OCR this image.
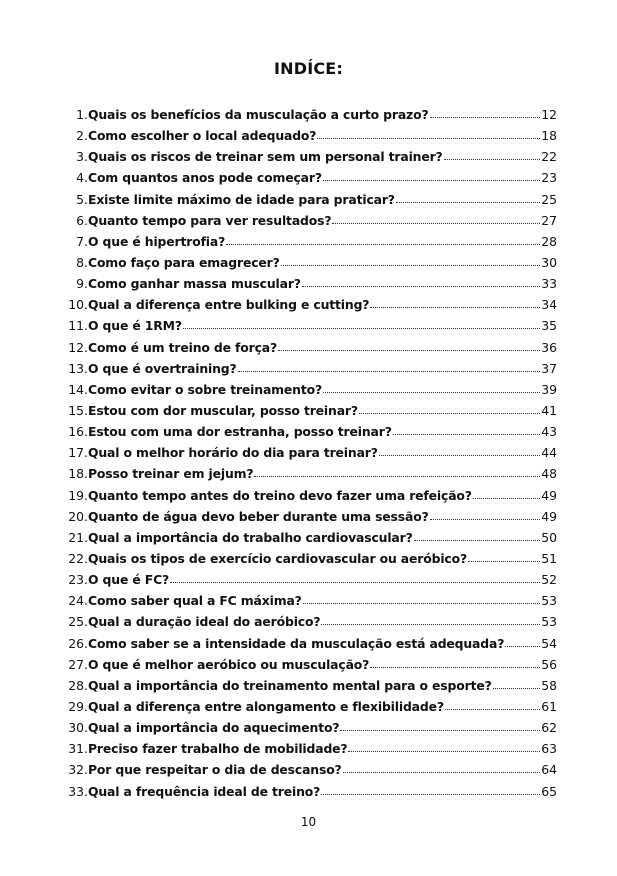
INDÍCE:
1. Quais os benefícios da musculação a curto prazo?	12
2. Como escolher o local adequado?	18
3. Quais os riscos de treinar sem um personal trainer?	22
4. Com quantos anos pode começar?	23
5. Existe limite máximo de idade para praticar?	25
6. Quanto tempo para ver resultados?	27
7. O que é hipertrofia?	28
8. Como faço para emagrecer?	30
9. Como ganhar massa muscular?	33
10. Qual a diferença entre bulking e cutting?	34
11. O que é 1RM?	35
12. Como é um treino de força?	36
13. O que é overtraining?	37
14. Como evitar o sobre treinamento?	39
15. Estou com dor muscular, posso treinar?	41
16. Estou com uma dor estranha, posso treinar?	43
17. Qual o melhor horário do dia para treinar?	44
18. Posso treinar em jejum?	48
19. Quanto tempo antes do treino devo fazer uma refeição?	49
20. Quanto de água devo beber durante uma sessão?	49
21. Qual a importância do trabalho cardiovascular?	50
22. Quais os tipos de exercício cardiovascular ou aeróbico?	51
23. O que é FC?	52
24. Como saber qual a FC máxima?	53
25. Qual a duração ideal do aeróbico?	53
26. Como saber se a intensidade da musculação está adequada?	54
27. O que é melhor aeróbico ou musculação?	56
28. Qual a importância do treinamento mental para o esporte?	58
29. Qual a diferença entre alongamento e flexibilidade?	61
30. Qual a importância do aquecimento?	62
31. Preciso fazer trabalho de mobilidade?	63
32. Por que respeitar o dia de descanso?	64
33. Qual a frequência ideal de treino?	65
10
